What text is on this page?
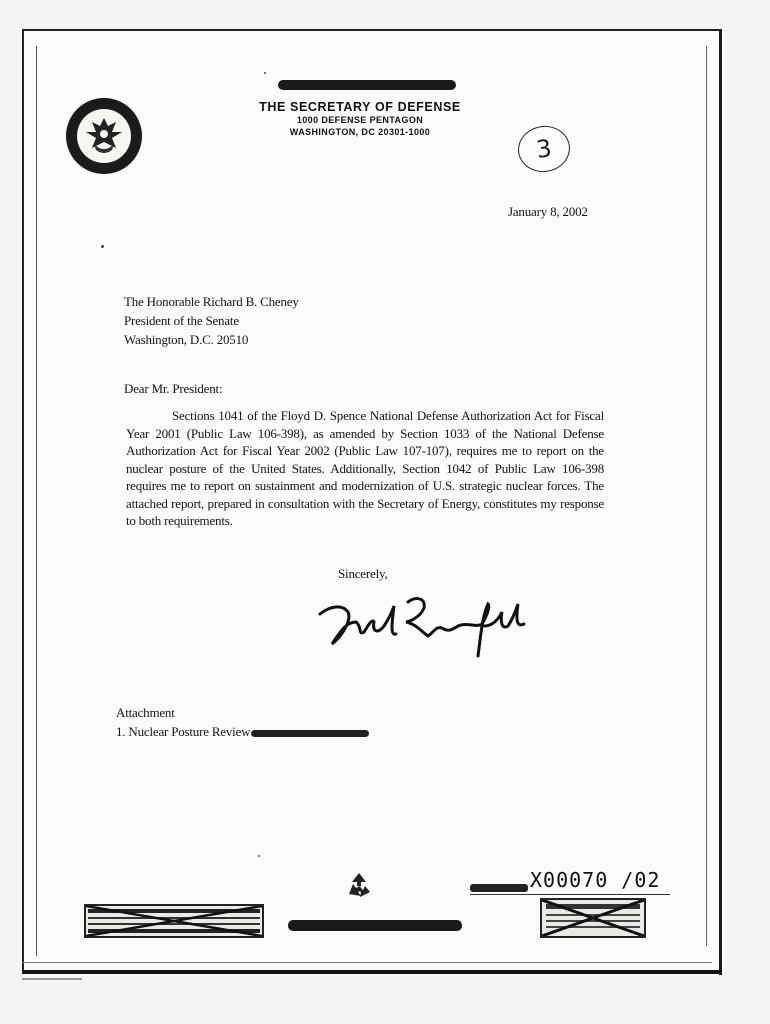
THE SECRETARY OF DEFENSE
1000 DEFENSE PENTAGON
WASHINGTON, DC 20301-1000
3
January 8, 2002
The Honorable Richard B. Cheney
President of the Senate
Washington, D.C. 20510
Dear Mr. President:

Sections 1041 of the Floyd D. Spence National Defense Authorization Act for Fiscal Year 2001 (Public Law 106-398), as amended by Section 1033 of the National Defense Authorization Act for Fiscal Year 2002 (Public Law 107-107), requires me to report on the nuclear posture of the United States. Additionally, Section 1042 of Public Law 106-398 requires me to report on sustainment and modernization of U.S. strategic nuclear forces. The attached report, prepared in consultation with the Secretary of Energy, constitutes my response to both requirements.

Sincerely,
Attachment
1. Nuclear Posture Review
X00070 /02
